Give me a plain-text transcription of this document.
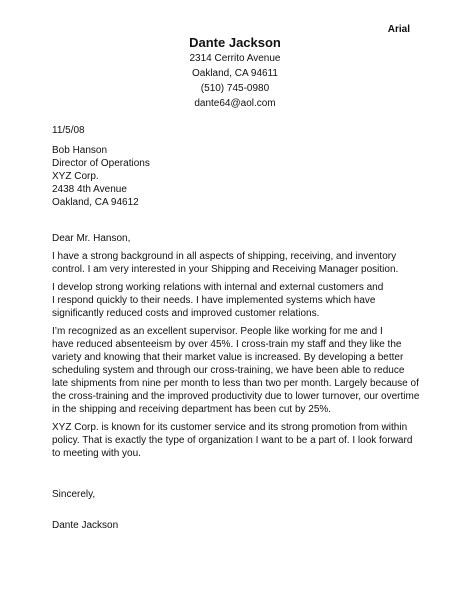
Arial
Dante Jackson
2314 Cerrito Avenue
Oakland, CA 94611
(510) 745-0980
dante64@aol.com
11/5/08
Bob Hanson
Director of Operations
XYZ Corp.
2438 4th Avenue
Oakland, CA 94612

Dear Mr. Hanson,

I have a strong background in all aspects of shipping, receiving, and inventory
control. I am very interested in your Shipping and Receiving Manager position.

I develop strong working relations with internal and external customers and
I respond quickly to their needs. I have implemented systems which have
significantly reduced costs and improved customer relations.

I’m recognized as an excellent supervisor. People like working for me and I
have reduced absenteeism by over 45%. I cross-train my staff and they like the
variety and knowing that their market value is increased. By developing a better
scheduling system and through our cross-training, we have been able to reduce
late shipments from nine per month to less than two per month. Largely because of
the cross-training and the improved productivity due to lower turnover, our overtime
in the shipping and receiving department has been cut by 25%.

XYZ Corp. is known for its customer service and its strong promotion from within
policy. That is exactly the type of organization I want to be a part of. I look forward
to meeting with you.

Sincerely,
Dante Jackson
